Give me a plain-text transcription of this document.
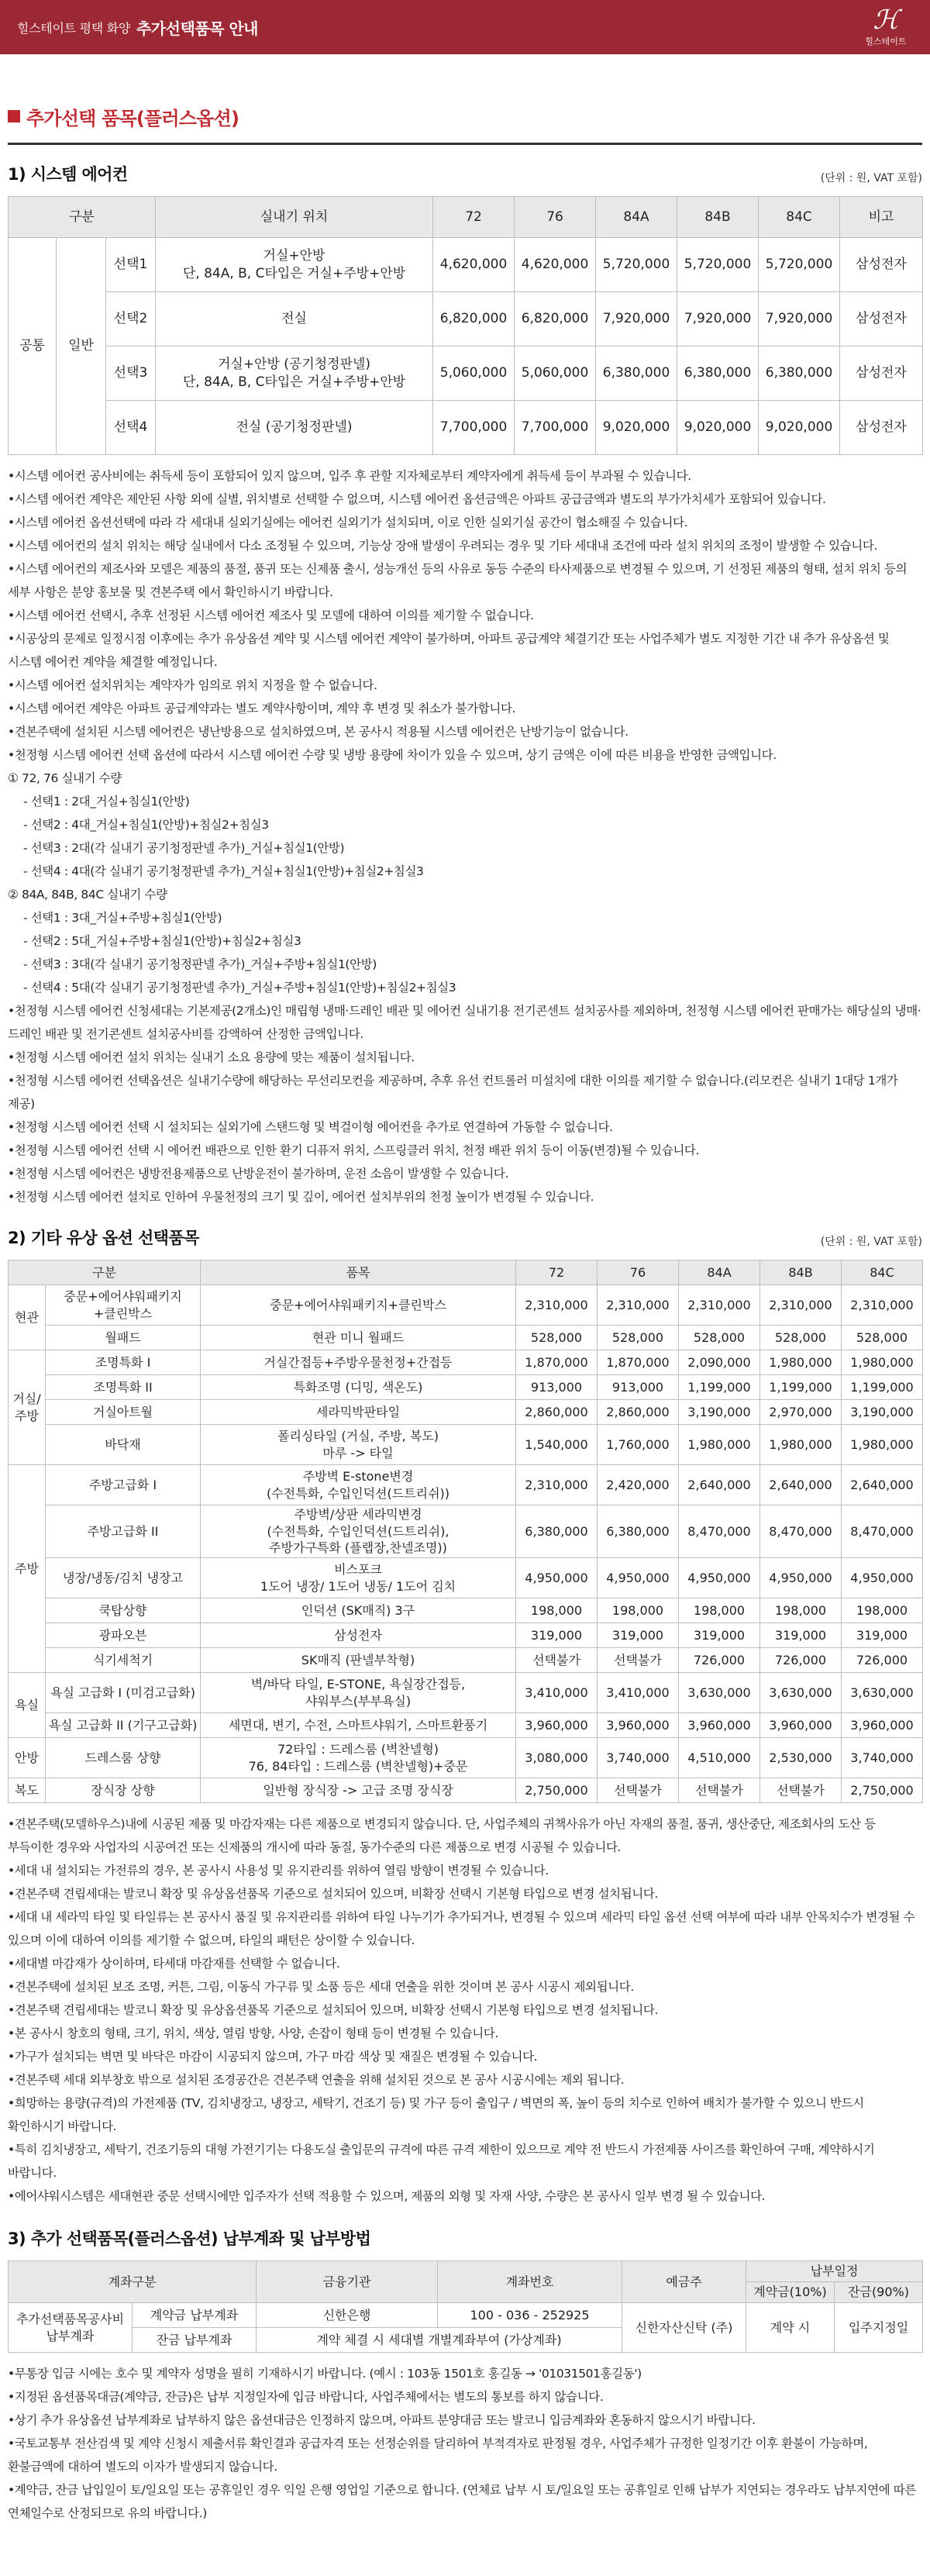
힐스테이트 평택 화양 추가선택품목 안내	ℋ
힐스테이트
추가선택 품목(플러스옵션)
1) 시스템 에어컨	(단위 : 원, VAT 포함)
구분			실내기 위치	72	76	84A	84B	84C	비고
공통	일반	선택1	거실+안방
단, 84A, B, C타입은 거실+주방+안방	4,620,000	4,620,000	5,720,000	5,720,000	5,720,000	삼성전자
		선택2	전실	6,820,000	6,820,000	7,920,000	7,920,000	7,920,000	삼성전자
		선택3	거실+안방 (공기청정판넬)
단, 84A, B, C타입은 거실+주방+안방	5,060,000	5,060,000	6,380,000	6,380,000	6,380,000	삼성전자
		선택4	전실 (공기청정판넬)	7,700,000	7,700,000	9,020,000	9,020,000	9,020,000	삼성전자
•시스템 에어컨 공사비에는 취득세 등이 포함되어 있지 않으며, 입주 후 관할 지자체로부터 계약자에게 취득세 등이 부과될 수 있습니다.
•시스템 에어컨 계약은 제안된 사항 외에 실별, 위치별로 선택할 수 없으며, 시스템 에어컨 옵션금액은 아파트 공급금액과 별도의 부가가치세가 포함되어 있습니다.
•시스템 에어컨 옵션선택에 따라 각 세대내 실외기실에는 에어컨 실외기가 설치되며, 이로 인한 실외기실 공간이 협소해질 수 있습니다.
•시스템 에어컨의 설치 위치는 해당 실내에서 다소 조정될 수 있으며, 기능상 장애 발생이 우려되는 경우 및 기타 세대내 조건에 따라 설치 위치의 조정이 발생할 수 있습니다.
•시스템 에어컨의 제조사와 모델은 제품의 품절, 품귀 또는 신제품 출시, 성능개선 등의 사유로 동등 수준의 타사제품으로 변경될 수 있으며, 기 선정된 제품의 형태, 설치 위치 등의 세부 사항은 분양 홍보물 및 견본주택 에서 확인하시기 바랍니다.
•시스템 에어컨 선택시, 추후 선정된 시스템 에어컨 제조사 및 모델에 대하여 이의를 제기할 수 없습니다.
•시공상의 문제로 일정시점 이후에는 추가 유상옵션 계약 및 시스템 에어컨 계약이 불가하며, 아파트 공급계약 체결기간 또는 사업주체가 별도 지정한 기간 내 추가 유상옵션 및 시스템 에어컨 계약을 체결할 예정입니다.
•시스템 에어컨 설치위치는 계약자가 임의로 위치 지정을 할 수 없습니다.
•시스템 에어컨 계약은 아파트 공급계약과는 별도 계약사항이며, 계약 후 변경 및 취소가 불가합니다.
•견본주택에 설치된 시스템 에어컨은 냉난방용으로 설치하였으며, 본 공사시 적용될 시스템 에어컨은 난방기능이 없습니다.
•천정형 시스템 에어컨 선택 옵션에 따라서 시스템 에어컨 수량 및 냉방 용량에 차이가 있을 수 있으며, 상기 금액은 이에 따른 비용을 반영한 금액입니다.
① 72, 76 실내기 수량
- 선택1 : 2대_거실+침실1(안방)
- 선택2 : 4대_거실+침실1(안방)+침실2+침실3
- 선택3 : 2대(각 실내기 공기청정판넬 추가)_거실+침실1(안방)
- 선택4 : 4대(각 실내기 공기청정판넬 추가)_거실+침실1(안방)+침실2+침실3
② 84A, 84B, 84C 실내기 수량
- 선택1 : 3대_거실+주방+침실1(안방)
- 선택2 : 5대_거실+주방+침실1(안방)+침실2+침실3
- 선택3 : 3대(각 실내기 공기청정판넬 추가)_거실+주방+침실1(안방)
- 선택4 : 5대(각 실내기 공기청정판넬 추가)_거실+주방+침실1(안방)+침실2+침실3
•천정형 시스템 에어컨 신청세대는 기본제공(2개소)인 매립형 냉매·드레인 배관 및 에어컨 실내기용 전기콘센트 설치공사를 제외하며, 천정형 시스템 에어컨 판매가는 해당실의 냉매·드레인 배관 및 전기콘센트 설치공사비를 감액하여 산정한 금액입니다.
•천정형 시스템 에어컨 설치 위치는 실내기 소요 용량에 맞는 제품이 설치됩니다.
•천정형 시스템 에어컨 선택옵션은 실내기수량에 해당하는 무선리모컨을 제공하며, 추후 유선 컨트롤러 미설치에 대한 이의를 제기할 수 없습니다.(리모컨은 실내기 1대당 1개가 제공)
•천정형 시스템 에어컨 선택 시 설치되는 실외기에 스탠드형 및 벽걸이형 에어컨을 추가로 연결하여 가동할 수 없습니다.
•천정형 시스템 에어컨 선택 시 에어컨 배관으로 인한 환기 디퓨저 위치, 스프링클러 위치, 천정 배관 위치 등이 이동(변경)될 수 있습니다.
•천정형 시스템 에어컨은 냉방전용제품으로 난방운전이 불가하며, 운전 소음이 발생할 수 있습니다.
•천정형 시스템 에어컨 설치로 인하여 우물천정의 크기 및 깊이, 에어컨 설치부위의 천정 높이가 변경될 수 있습니다.
2) 기타 유상 옵션 선택품목	(단위 : 원, VAT 포함)
구분		품목	72	76	84A	84B	84C
현관	중문+에어샤워패키지
+클린박스	중문+에어샤워패키지+클린박스	2,310,000	2,310,000	2,310,000	2,310,000	2,310,000
	월패드	현관 미니 월패드	528,000	528,000	528,000	528,000	528,000
거실/주방	조명특화 I	거실간접등+주방우물천정+간접등	1,870,000	1,870,000	2,090,000	1,980,000	1,980,000
	조명특화 II	특화조명 (디밍, 색온도)	913,000	913,000	1,199,000	1,199,000	1,199,000
	거실아트월	세라믹박판타일	2,860,000	2,860,000	3,190,000	2,970,000	3,190,000
	바닥재	폴리싱타일 (거실, 주방, 복도)
마루 -> 타일	1,540,000	1,760,000	1,980,000	1,980,000	1,980,000
주방	주방고급화 I	주방벽 E-stone변경
(수전특화, 수입인덕션(드트리쉬))	2,310,000	2,420,000	2,640,000	2,640,000	2,640,000
	주방고급화 II	주방벽/상판 세라믹변경
(수전특화, 수입인덕션(드트리쉬),
주방가구특화 (플랩장,찬넬조명))	6,380,000	6,380,000	8,470,000	8,470,000	8,470,000
	냉장/냉동/김치 냉장고	비스포크
1도어 냉장/ 1도어 냉동/ 1도어 김치	4,950,000	4,950,000	4,950,000	4,950,000	4,950,000
	쿡탑상향	인덕션 (SK매직) 3구	198,000	198,000	198,000	198,000	198,000
	광파오븐	삼성전자	319,000	319,000	319,000	319,000	319,000
	식기세척기	SK매직 (판넬부착형)	선택불가	선택불가	726,000	726,000	726,000
욕실	욕실 고급화 I (미검고급화)	벽/바닥 타일, E-STONE, 욕실장간접등,
샤워부스(부부욕실)	3,410,000	3,410,000	3,630,000	3,630,000	3,630,000
	욕실 고급화 II (기구고급화)	세면대, 변기, 수전, 스마트샤워기, 스마트환풍기	3,960,000	3,960,000	3,960,000	3,960,000	3,960,000
안방	드레스룸 상향	72타입 : 드레스룸 (벽찬넬형)
76, 84타입 : 드레스룸 (벽찬넬형)+중문	3,080,000	3,740,000	4,510,000	2,530,000	3,740,000
복도	장식장 상향	일반형 장식장 -> 고급 조명 장식장	2,750,000	선택불가	선택불가	선택불가	2,750,000
•견본주택(모델하우스)내에 시공된 제품 및 마감자재는 다른 제품으로 변경되지 않습니다. 단, 사업주체의 귀책사유가 아닌 자재의 품절, 품귀, 생산중단, 제조회사의 도산 등 부득이한 경우와 사업자의 시공여건 또는 신제품의 개시에 따라 동질, 동가수준의 다른 제품으로 변경 시공될 수 있습니다.
•세대 내 설치되는 가전류의 경우, 본 공사시 사용성 및 유지관리를 위하여 열림 방향이 변경될 수 있습니다.
•견본주택 견립세대는 발코니 확장 및 유상옵션품목 기준으로 설치되어 있으며, 비확장 선택시 기본형 타입으로 변경 설치됩니다.
•세대 내 세라믹 타일 및 타일류는 본 공사시 품질 및 유지관리를 위하여 타일 나누기가 추가되거나, 변경될 수 있으며 세라믹 타일 옵션 선택 여부에 따라 내부 안목치수가 변경될 수 있으며 이에 대하여 이의를 제기할 수 없으며, 타일의 패턴은 상이할 수 있습니다.
•세대별 마감재가 상이하며, 타세대 마감재를 선택할 수 없습니다.
•견본주택에 설치된 보조 조명, 커튼, 그림, 이동식 가구류 및 소품 등은 세대 연출을 위한 것이며 본 공사 시공시 제외됩니다.
•견본주택 견립세대는 발코니 확장 및 유상옵션품목 기준으로 설치되어 있으며, 비확장 선택시 기본형 타입으로 변경 설치됩니다.
•본 공사시 창호의 형태, 크기, 위치, 색상, 열림 방향, 사양, 손잡이 형태 등이 변경될 수 있습니다.
•가구가 설치되는 벽면 및 바닥은 마감이 시공되지 않으며, 가구 마감 색상 및 재질은 변경될 수 있습니다.
•견본주택 세대 외부창호 밖으로 설치된 조경공간은 견본주택 연출을 위해 설치된 것으로 본 공사 시공시에는 제외 됩니다.
•희망하는 용량(규격)의 가전제품 (TV, 김치냉장고, 냉장고, 세탁기, 건조기 등) 및 가구 등이 출입구 / 벽면의 폭, 높이 등의 치수로 인하여 배치가 불가할 수 있으니 반드시 확인하시기 바랍니다.
•특히 김치냉장고, 세탁기, 건조기등의 대형 가전기기는 다용도실 출입문의 규격에 따른 규격 제한이 있으므로 계약 전 반드시 가전제품 사이즈를 확인하여 구매, 계약하시기 바랍니다.
•에어샤워시스템은 세대현관 중문 선택시에만 입주자가 선택 적용할 수 있으며, 제품의 외형 및 자재 사양, 수량은 본 공사시 일부 변경 될 수 있습니다.
3) 추가 선택품목(플러스옵션) 납부계좌 및 납부방법
계좌구분		금융기관	계좌번호	예금주	납부일정	
					계약금(10%)	잔금(90%)
추가선택품목공사비
납부계좌	계약금 납부계좌	신한은행	100 - 036 - 252925	신한자산신탁 (주)	계약 시	입주지정일
	잔금 납부계좌	계약 체결 시 세대별 개별계좌부여 (가상계좌)				
•무통장 입금 시에는 호수 및 계약자 성명을 필히 기재하시기 바랍니다. (예시 : 103동 1501호 홍길동 → '01031501홍길동')
•지정된 옵션품목대금(계약금, 잔금)은 납부 지정일자에 입금 바랍니다, 사업주체에서는 별도의 통보를 하지 않습니다.
•상기 추가 유상옵션 납부계좌로 납부하지 않은 옵션대금은 인정하지 않으며, 아파트 분양대금 또는 발코니 입금계좌와 혼동하지 않으시기 바랍니다.
•국토교통부 전산검색 및 계약 신청시 제출서류 확인결과 공급자격 또는 선정순위를 달리하여 부적격자로 판정될 경우, 사업주체가 규정한 일정기간 이후 환불이 가능하며, 환불금액에 대하여 별도의 이자가 발생되지 않습니다.
•계약금, 잔금 납입일이 토/일요일 또는 공휴일인 경우 익일 은행 영업일 기준으로 합니다. (연체료 납부 시 토/일요일 또는 공휴일로 인해 납부가 지연되는 경우라도 납부지연에 따른 연체일수로 산정되므로 유의 바랍니다.)
